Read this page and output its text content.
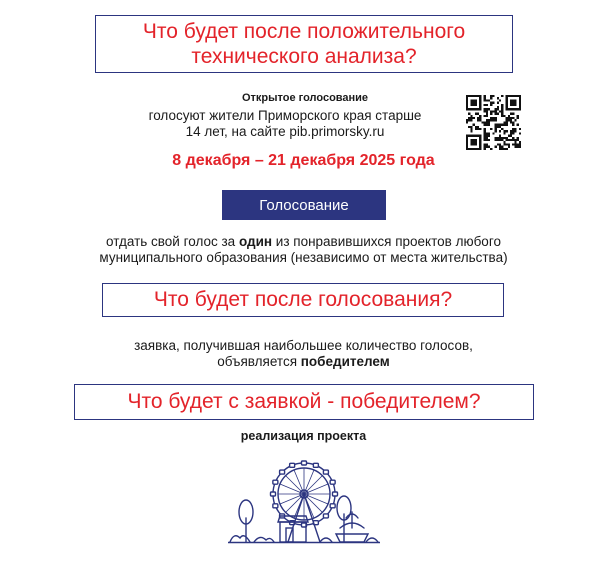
Что будет после положительного
технического анализа?
Открытое голосование
голосуют жители Приморского края старше
14 лет, на сайте pib.primorsky.ru
8 декабря – 21 декабря 2025 года
Голосование
отдать свой голос за один из понравившихся проектов любого
муниципального образования (независимо от места жительства)
Что будет после голосования?
заявка, получившая наибольшее количество голосов,
объявляется победителем
Что будет с заявкой - победителем?
реализация проекта
